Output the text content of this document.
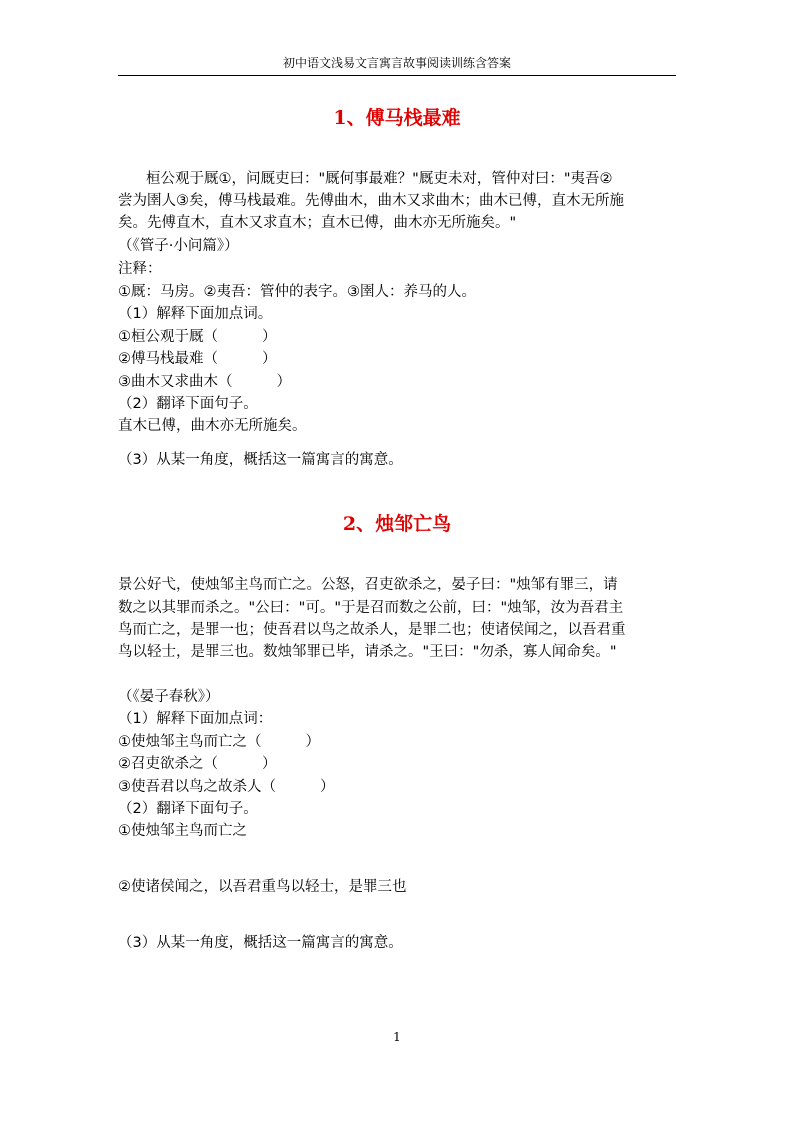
初中语文浅易文言寓言故事阅读训练含答案
1、傅马栈最难
桓公观于厩①，问厩吏曰："厩何事最难？"厩吏未对，管仲对曰："夷吾②
尝为圉人③矣，傅马栈最难。先傅曲木，曲木又求曲木；曲木已傅，直木无所施
矣。先傅直木，直木又求直木；直木已傅，曲木亦无所施矣。"
（《管子·小问篇》）
注释：
①厩：马房。②夷吾：管仲的表字。③圉人：养马的人。
（1）解释下面加点词。
①桓公观于厩（	）
②傅马栈最难（	）
③曲木又求曲木（	）
（2）翻译下面句子。
直木已傅，曲木亦无所施矣。
（3）从某一角度，概括这一篇寓言的寓意。
2、烛邹亡鸟
景公好弋，使烛邹主鸟而亡之。公怒，召吏欲杀之，晏子曰："烛邹有罪三，请
数之以其罪而杀之。"公曰："可。"于是召而数之公前，曰："烛邹，汝为吾君主
鸟而亡之，是罪一也；使吾君以鸟之故杀人，是罪二也；使诸侯闻之，以吾君重
鸟以轻士，是罪三也。数烛邹罪已毕，请杀之。"王曰："勿杀，寡人闻命矣。"
（《晏子春秋》）
（1）解释下面加点词：
①使烛邹主鸟而亡之（	）
②召吏欲杀之（	）
③使吾君以鸟之故杀人（	）
（2）翻译下面句子。
①使烛邹主鸟而亡之
②使诸侯闻之，以吾君重鸟以轻士，是罪三也
（3）从某一角度，概括这一篇寓言的寓意。
1
